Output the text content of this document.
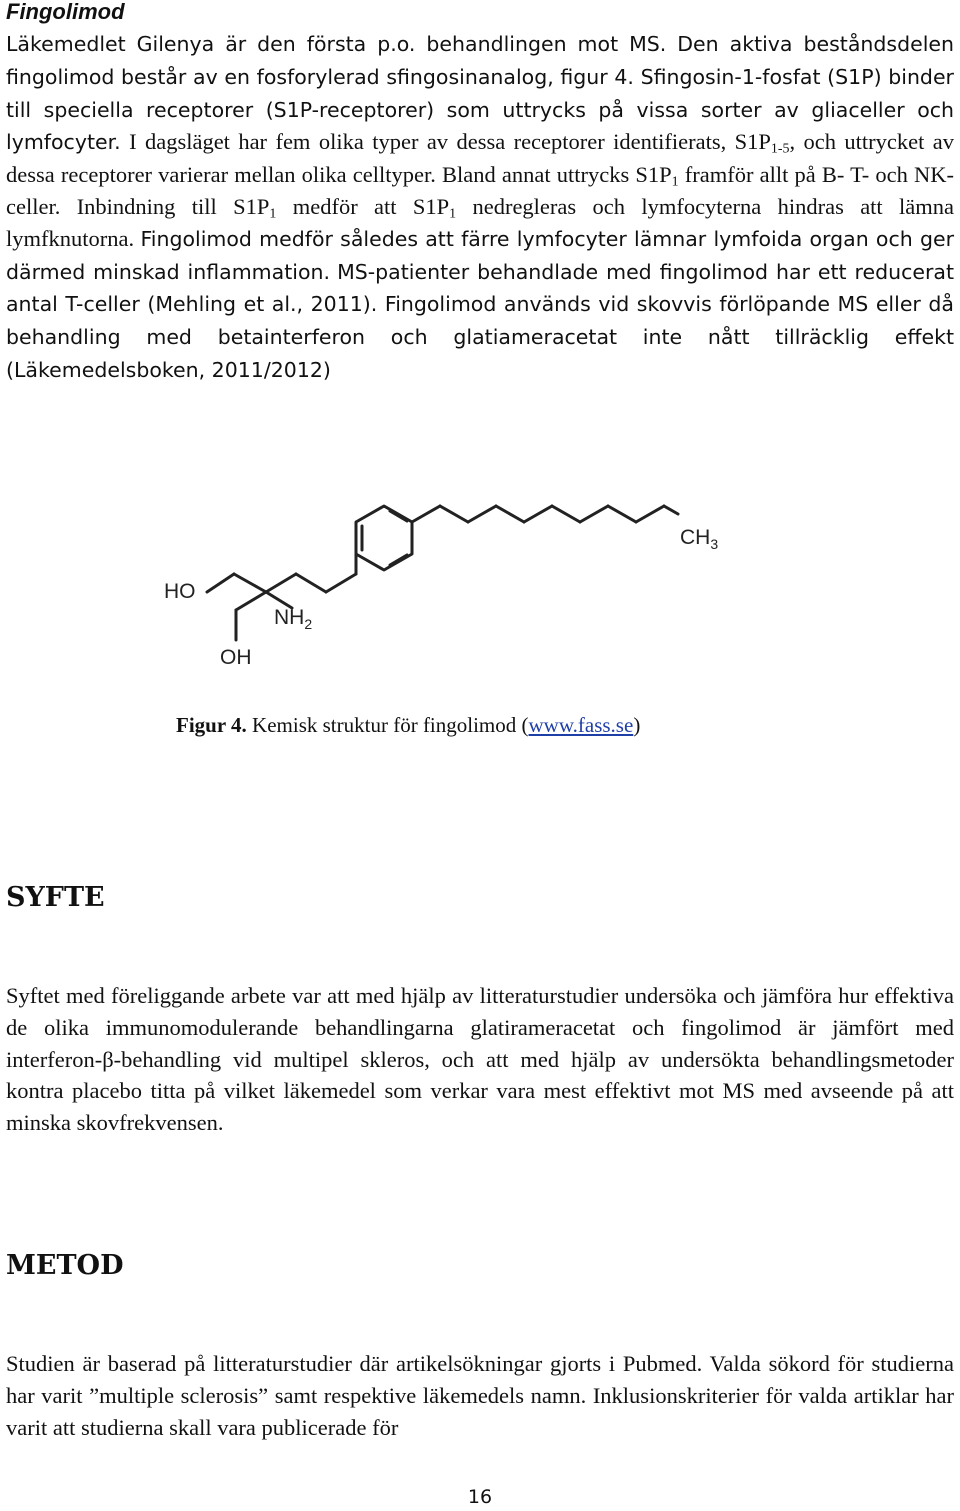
Fingolimod

Läkemedlet Gilenya är den första p.o. behandlingen mot MS. Den aktiva beståndsdelen fingolimod består av en fosforylerad sfingosinanalog, figur 4. Sfingosin-1-fosfat (S1P) binder till speciella receptorer (S1P-receptorer) som uttrycks på vissa sorter av gliaceller och lymfocyter. I dagsläget har fem olika typer av dessa receptorer identifierats, $S1P_{1-5}$, och uttrycket av dessa receptorer varierar mellan olika celltyper. Bland annat uttrycks $S1P_1$ framför allt på B- T- och NK-celler. Inbindning till $S1P_1$ medför att $S1P_1$ nedregleras och lymfocyterna hindras att lämna lymfknutorna. Fingolimod medför således att färre lymfocyter lämnar lymfoida organ och ger därmed minskad inflammation. MS-patienter behandlade med fingolimod har ett reducerat antal T-celler (Mehling et al., 2011). Fingolimod används vid skovvis förlöpande MS eller då behandling med betainterferon och glatiameracetat inte nått tillräcklig effekt (Läkemedelsboken, 2011/2012)

$CH_3$
HO
$NH_2$
OH

Figur 4. Kemisk struktur för fingolimod (www.fass.se)

SYFTE

Syftet med föreliggande arbete var att med hjälp av litteraturstudier undersöka och jämföra hur effektiva de olika immunomodulerande behandlingarna glatirameracetat och fingolimod är jämfört med interferon-β-behandling vid multipel skleros, och att med hjälp av undersökta behandlingsmetoder kontra placebo titta på vilket läkemedel som verkar vara mest effektivt mot MS med avseende på att minska skovfrekvensen.

METOD

Studien är baserad på litteraturstudier där artikelsökningar gjorts i Pubmed. Valda sökord för studierna har varit ”multiple sclerosis” samt respektive läkemedels namn. Inklusionskriterier för valda artiklar har varit att studierna skall vara publicerade för

16
